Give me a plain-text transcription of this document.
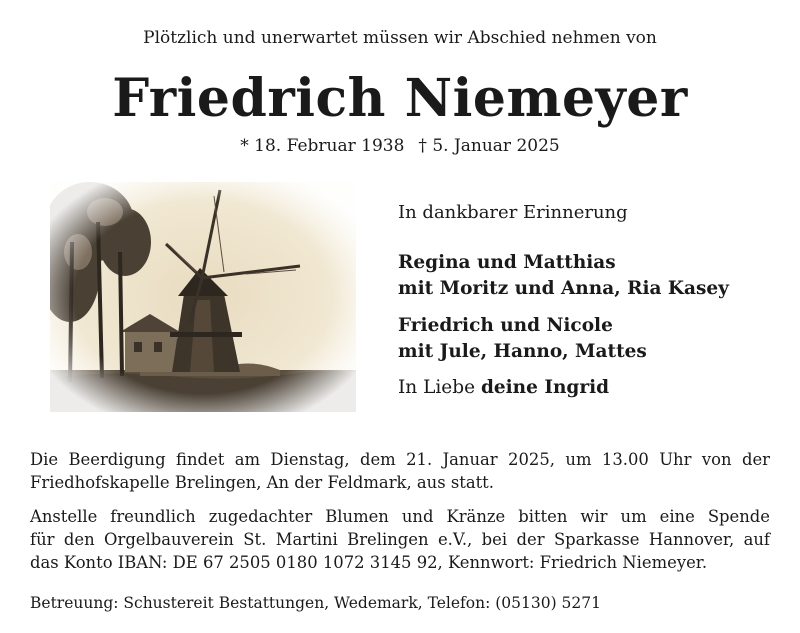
Plötzlich und unerwartet müssen wir Abschied nehmen von
Friedrich Niemeyer
* 18. Februar 1938 † 5. Januar 2025
In dankbarer Erinnerung
Regina und Matthias
mit Moritz und Anna, Ria Kasey
Friedrich und Nicole
mit Jule, Hanno, Mattes
In Liebe deine Ingrid
Die Beerdigung findet am Dienstag, dem 21. Januar 2025, um 13.00 Uhr von der
Friedhofskapelle Brelingen, An der Feldmark, aus statt.
Anstelle freundlich zugedachter Blumen und Kränze bitten wir um eine Spende
für den Orgelbauverein St. Martini Brelingen e.V., bei der Sparkasse Hannover, auf
das Konto IBAN: DE 67 2505 0180 1072 3145 92, Kennwort: Friedrich Niemeyer.
Betreuung: Schustereit Bestattungen, Wedemark, Telefon: (05130) 5271
